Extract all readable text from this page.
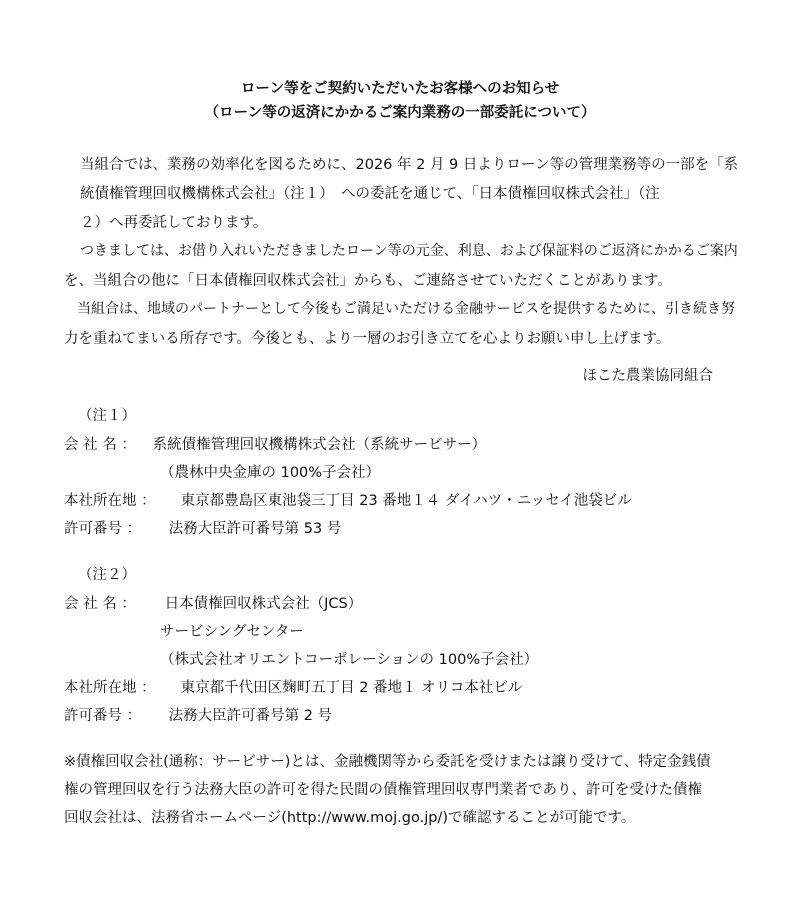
ローン等をご契約いただいたお客様へのお知らせ
（ローン等の返済にかかるご案内業務の一部委託について）
当組合では、業務の効率化を図るために、2026 年 2 月 9 日よりローン等の管理業務等の一部を「系
統債権管理回収機構株式会社」（注１）　への委託を通じて、「日本債権回収株式会社」（注
２）へ再委託しております。
つきましては、お借り入れいただきましたローン等の元金、利息、および保証料のご返済にかかるご案内
を、当組合の他に「日本債権回収株式会社」からも、ご連絡させていただくことがあります。
当組合は、地域のパートナーとして今後もご満足いただける金融サービスを提供するために、引き続き努
力を重ねてまいる所存です。今後とも、より一層のお引き立てを心よりお願い申し上げます。
ほこた農業協同組合
（注１）
会 社 名 ： 系統債権管理回収機構株式会社（系統サービサー）
（農林中央金庫の 100%子会社）
本社所在地 ： 東京都豊島区東池袋三丁目 23 番地１４ ダイハツ・ニッセイ池袋ビル
許可番号 ： 法務大臣許可番号第 53 号
（注２）
会 社 名 ： 日本債権回収株式会社（JCS）
サービシングセンター
（株式会社オリエントコーポレーションの 100%子会社）
本社所在地 ： 東京都千代田区麹町五丁目 2 番地１ オリコ本社ビル
許可番号 ： 法務大臣許可番号第 2 号
※債権回収会社(通称：サービサー)とは、金融機関等から委託を受けまたは譲り受けて、特定金銭債
権の管理回収を行う法務大臣の許可を得た民間の債権管理回収専門業者であり、許可を受けた債権
回収会社は、法務省ホームページ(http://www.moj.go.jp/)で確認することが可能です。
